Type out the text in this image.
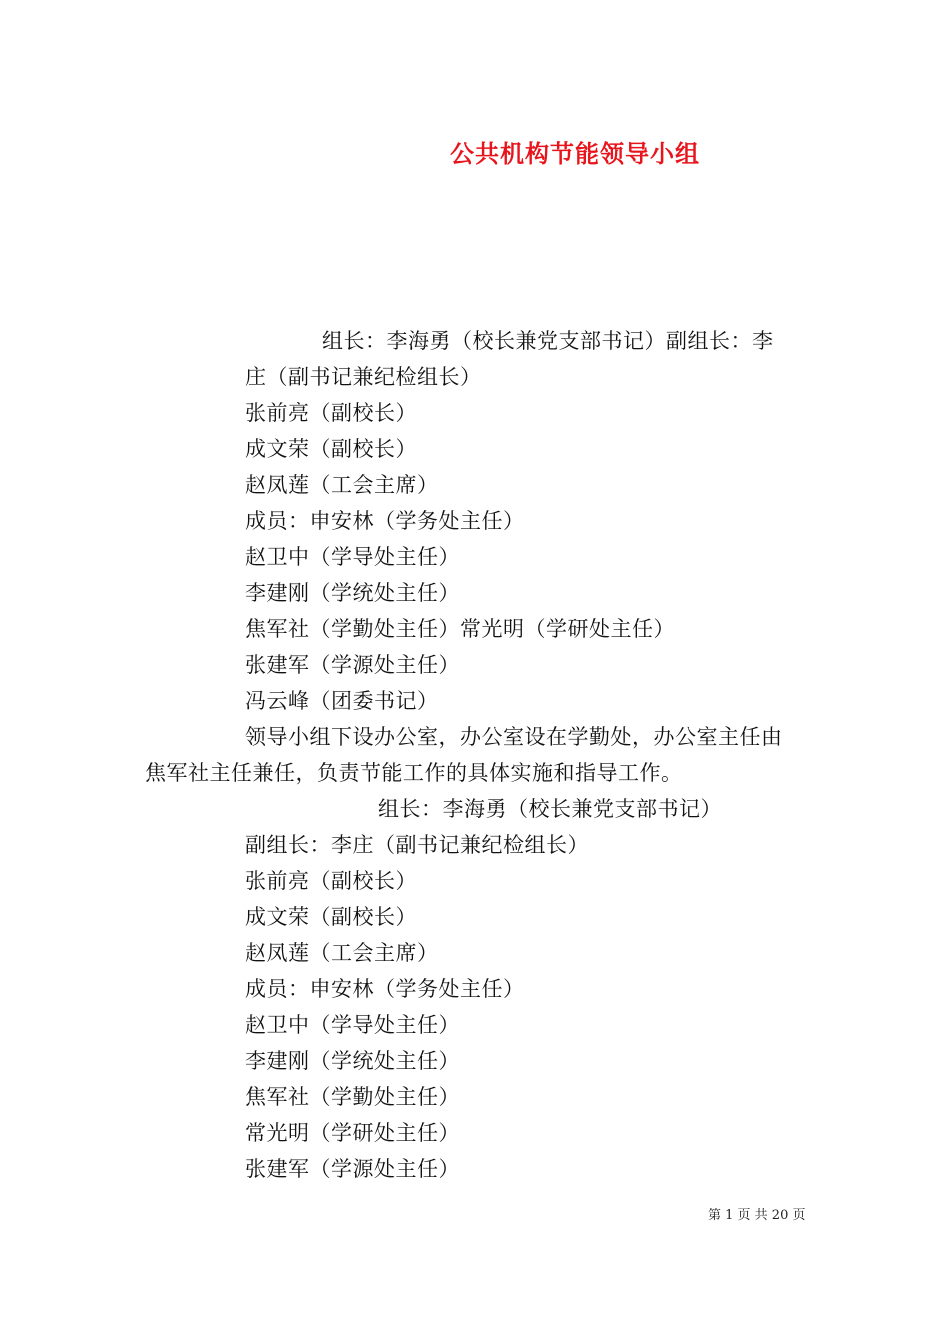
公共机构节能领导小组
组长：李海勇（校长兼党支部书记）副组长：李
庄（副书记兼纪检组长）
张前亮（副校长）
成文荣（副校长）
赵凤莲（工会主席）
成员：申安林（学务处主任）
赵卫中（学导处主任）
李建刚（学统处主任）
焦军社（学勤处主任）常光明（学研处主任）
张建军（学源处主任）
冯云峰（团委书记）
领导小组下设办公室，办公室设在学勤处，办公室主任由
焦军社主任兼任，负责节能工作的具体实施和指导工作。
组长：李海勇（校长兼党支部书记）
副组长：李庄（副书记兼纪检组长）
张前亮（副校长）
成文荣（副校长）
赵凤莲（工会主席）
成员：申安林（学务处主任）
赵卫中（学导处主任）
李建刚（学统处主任）
焦军社（学勤处主任）
常光明（学研处主任）
张建军（学源处主任）
第 1 页 共 20 页
